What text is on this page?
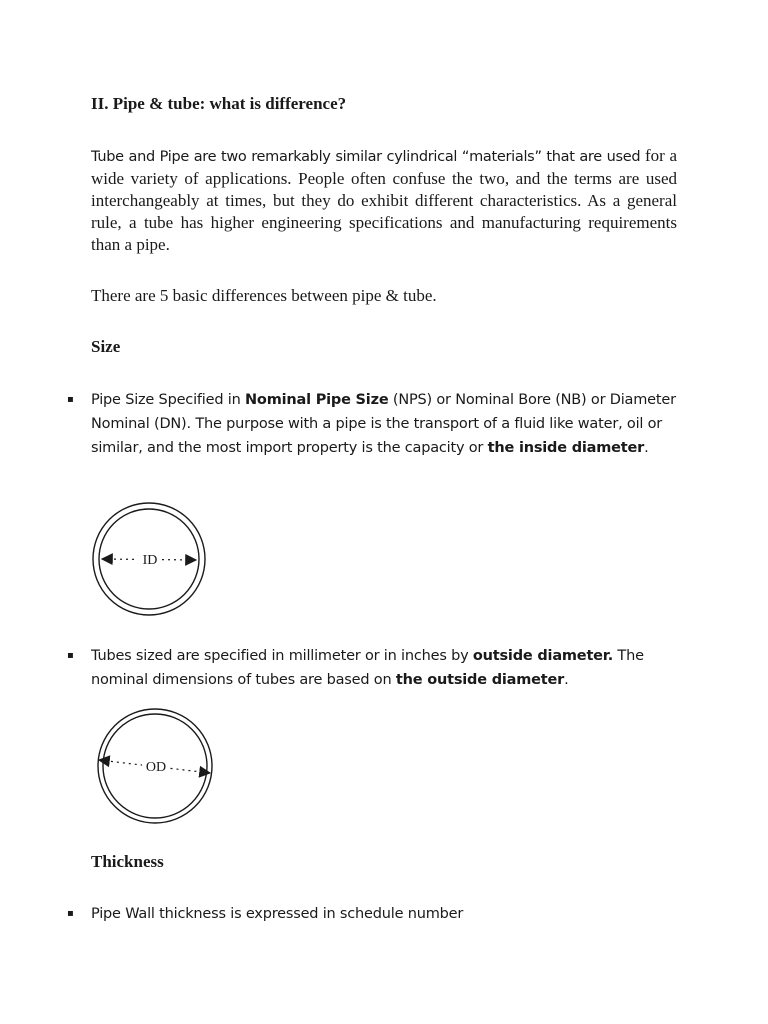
II. Pipe & tube: what is difference?
Tube and Pipe are two remarkably similar cylindrical “materials” that are used for a wide variety of applications. People often confuse the two, and the terms are used interchangeably at times, but they do exhibit different characteristics. As a general rule, a tube has higher engineering specifications and manufacturing requirements than a pipe.
There are 5 basic differences between pipe & tube.
Size
▪ Pipe Size Specified in Nominal Pipe Size (NPS) or Nominal Bore (NB) or Diameter Nominal (DN). The purpose with a pipe is the transport of a fluid like water, oil or similar, and the most import property is the capacity or the inside diameter.
ID
▪ Tubes sized are specified in millimeter or in inches by outside diameter. The nominal dimensions of tubes are based on the outside diameter.
OD
Thickness
▪ Pipe Wall thickness is expressed in schedule number
